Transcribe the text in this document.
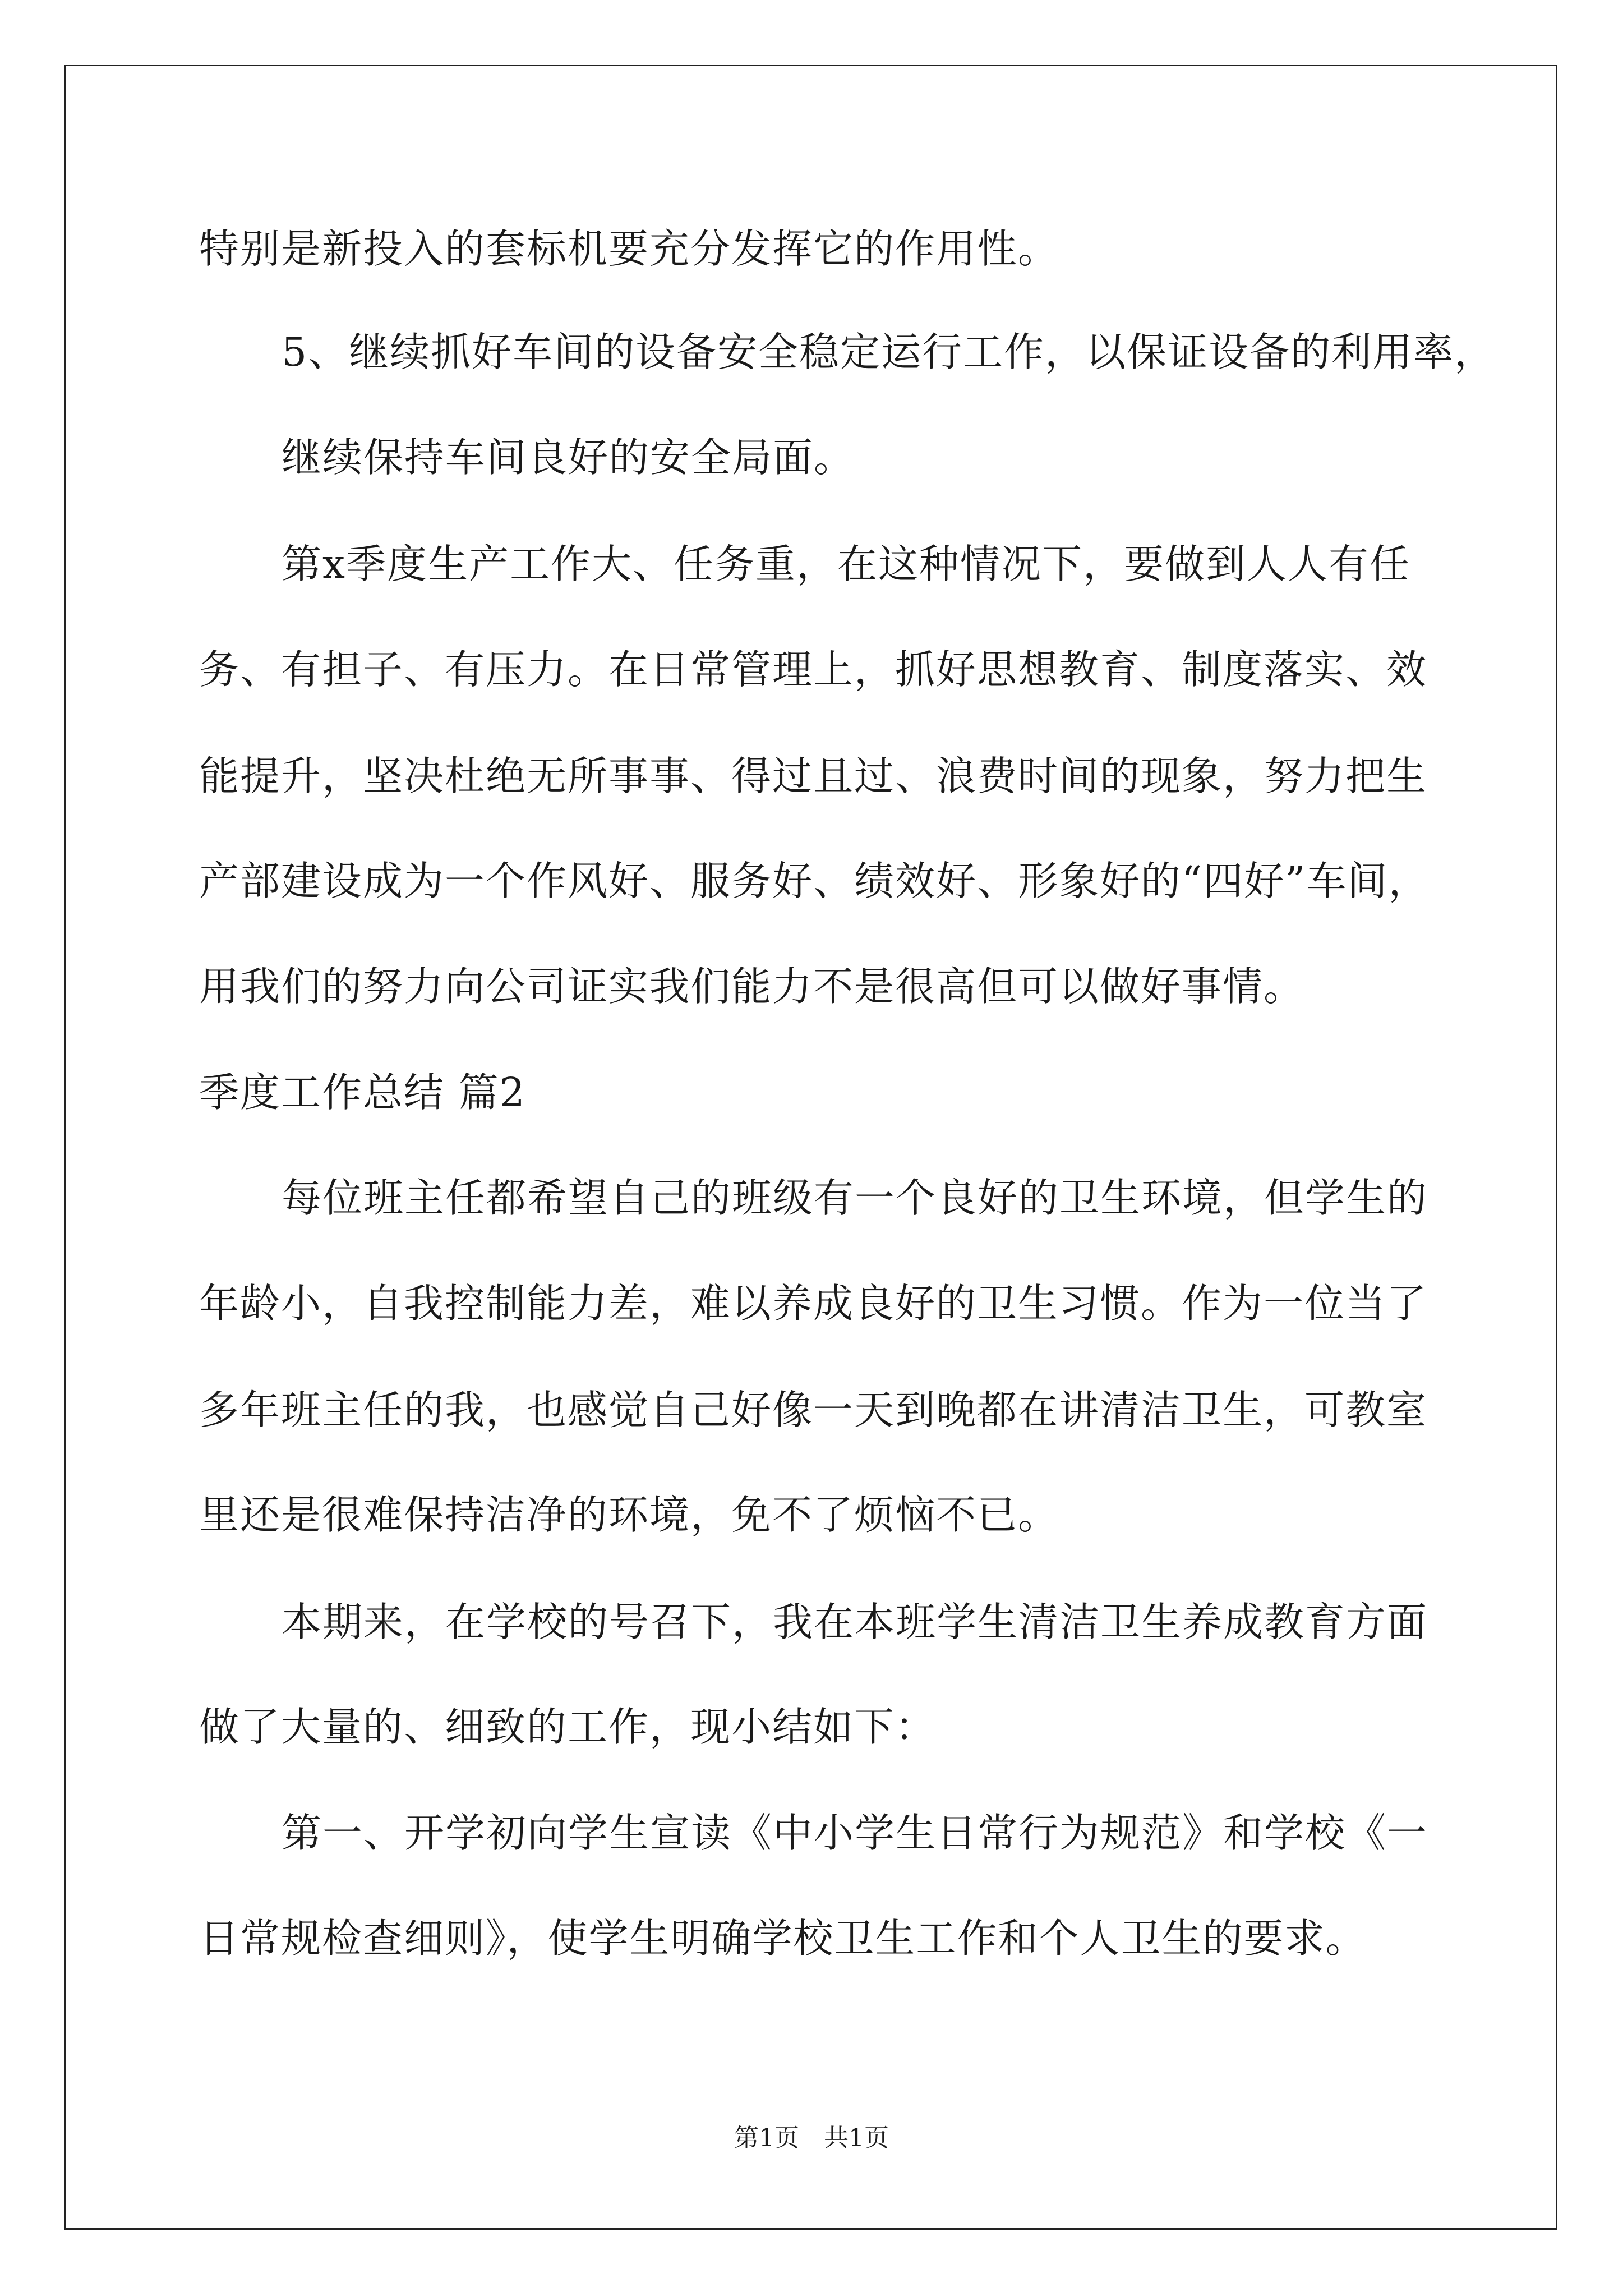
特别是新投入的套标机要充分发挥它的作用性。
5、继续抓好车间的设备安全稳定运行工作，以保证设备的利用率，
继续保持车间良好的安全局面。
第x季度生产工作大、任务重，在这种情况下，要做到人人有任
务、有担子、有压力。在日常管理上，抓好思想教育、制度落实、效
能提升，坚决杜绝无所事事、得过且过、浪费时间的现象，努力把生
产部建设成为一个作风好、服务好、绩效好、形象好的“四好”车间，
用我们的努力向公司证实我们能力不是很高但可以做好事情。
季度工作总结 篇2
每位班主任都希望自己的班级有一个良好的卫生环境，但学生的
年龄小，自我控制能力差，难以养成良好的卫生习惯。作为一位当了
多年班主任的我，也感觉自己好像一天到晚都在讲清洁卫生，可教室
里还是很难保持洁净的环境，免不了烦恼不已。
本期来，在学校的号召下，我在本班学生清洁卫生养成教育方面
做了大量的、细致的工作，现小结如下：
第一、开学初向学生宣读《中小学生日常行为规范》和学校《一
日常规检查细则》，使学生明确学校卫生工作和个人卫生的要求。
第1页　共1页
